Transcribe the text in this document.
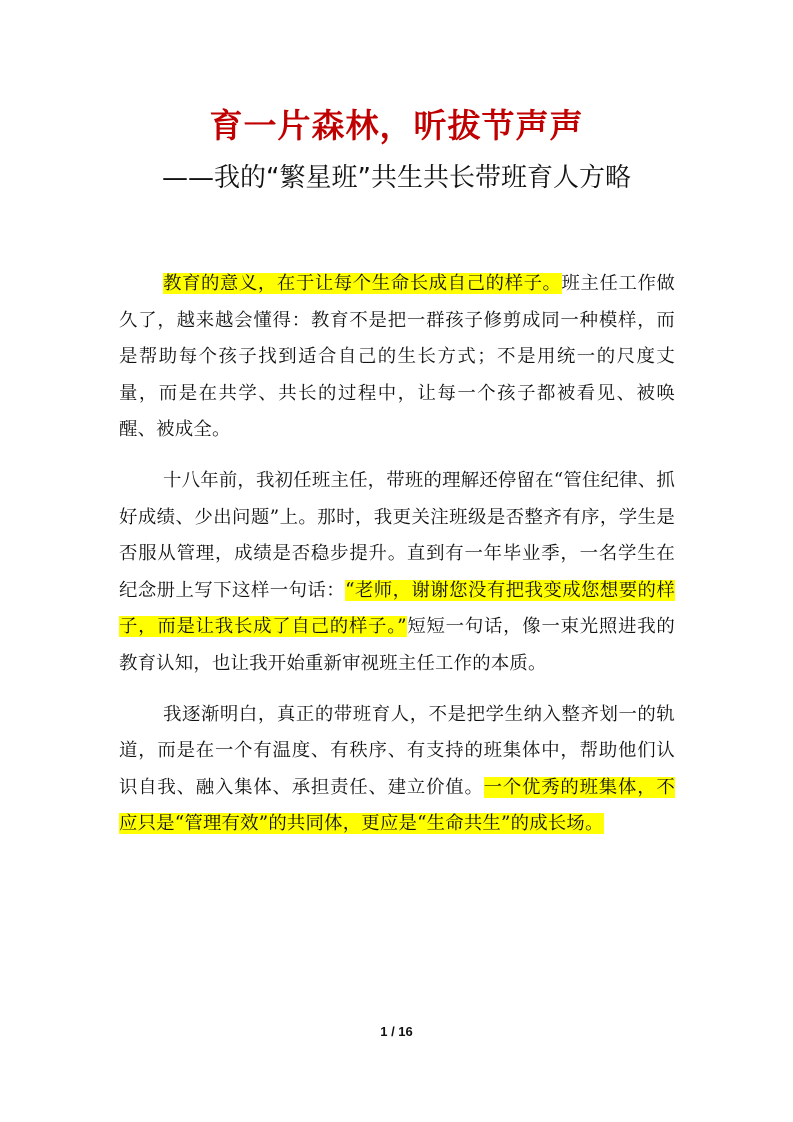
育一片森林，听拔节声声
——我的“繁星班”共生共长带班育人方略

教育的意义，在于让每个生命长成自己的样子。班主任工作做久了，越来越会懂得：教育不是把一群孩子修剪成同一种模样，而是帮助每个孩子找到适合自己的生长方式；不是用统一的尺度丈量，而是在共学、共长的过程中，让每一个孩子都被看见、被唤醒、被成全。

十八年前，我初任班主任，带班的理解还停留在“管住纪律、抓好成绩、少出问题”上。那时，我更关注班级是否整齐有序，学生是否服从管理，成绩是否稳步提升。直到有一年毕业季，一名学生在纪念册上写下这样一句话：“老师，谢谢您没有把我变成您想要的样子，而是让我长成了自己的样子。”短短一句话，像一束光照进我的教育认知，也让我开始重新审视班主任工作的本质。

我逐渐明白，真正的带班育人，不是把学生纳入整齐划一的轨道，而是在一个有温度、有秩序、有支持的班集体中，帮助他们认识自我、融入集体、承担责任、建立价值。一个优秀的班集体，不应只是“管理有效”的共同体，更应是“生命共生”的成长场。

1 / 16
